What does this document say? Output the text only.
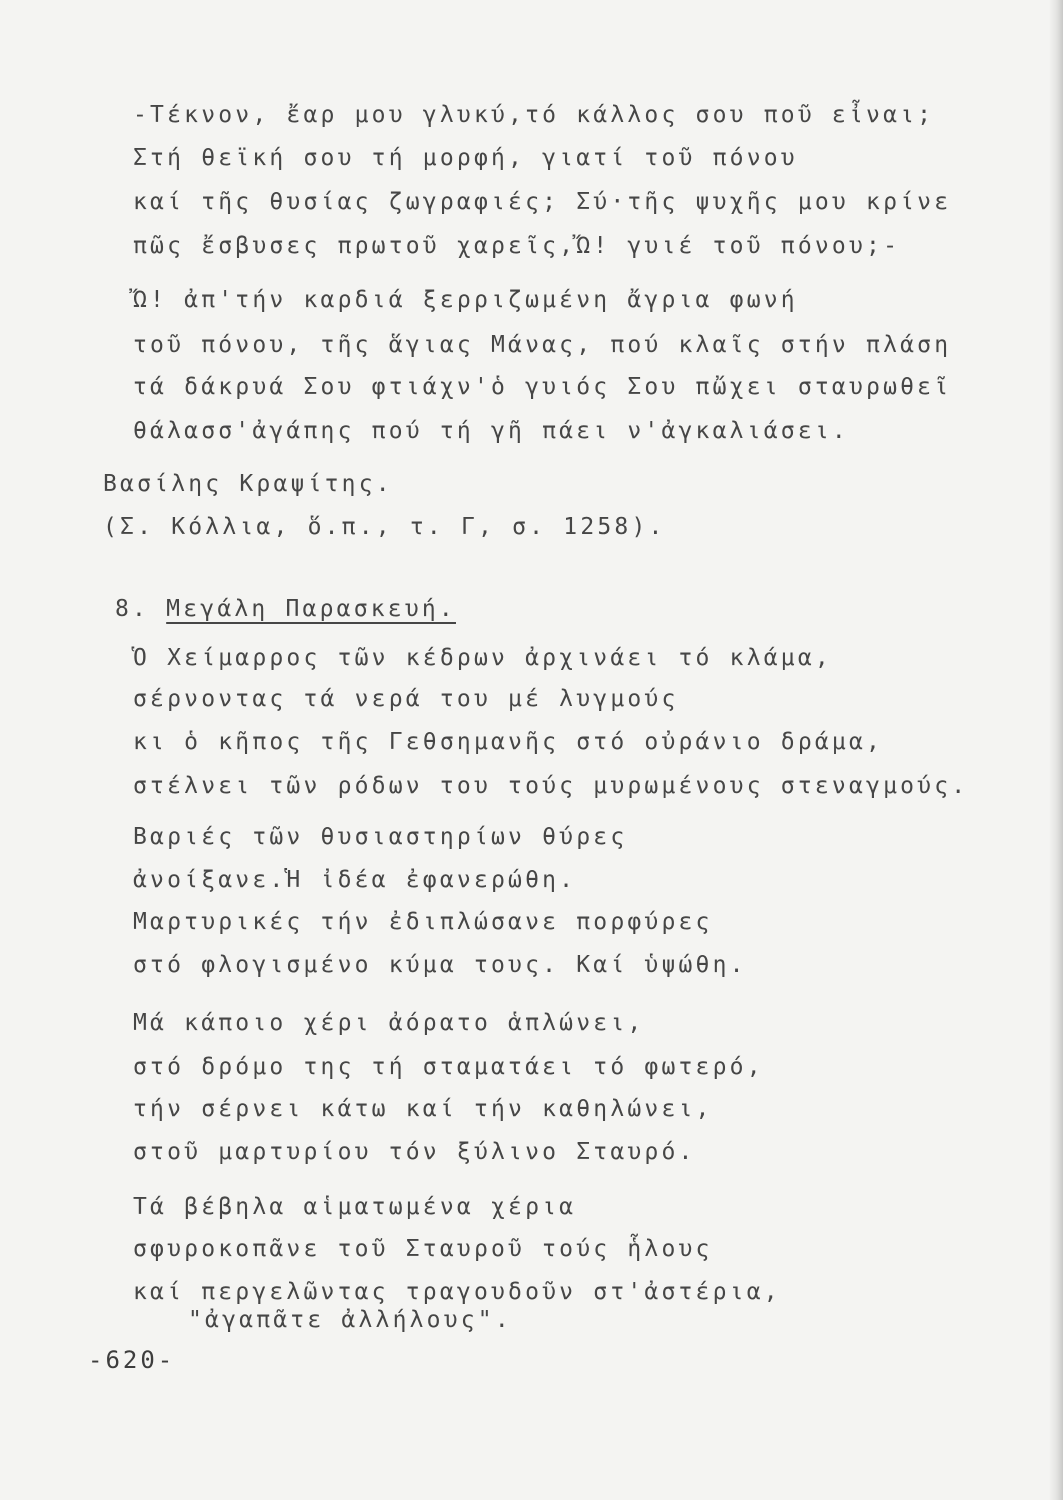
-Τέκνον, ἔαρ μου γλυκύ,τό κάλλος σου ποῦ εἶναι;
Στή θεϊκή σου τή μορφή, γιατί τοῦ πόνου
καί τῆς θυσίας ζωγραφιές; Σύ·τῆς ψυχῆς μου κρίνε
πῶς ἔσβυσες πρωτοῦ χαρεῖς,Ὤ! γυιέ τοῦ πόνου;-
Ὤ! ἀπ'τήν καρδιά ξερριζωμένη ἄγρια φωνή
τοῦ πόνου, τῆς ἅγιας Μάνας, πού κλαῖς στήν πλάση
τά δάκρυά Σου φτιάχν'ὁ γυιός Σου πὤχει σταυρωθεῖ
θάλασσ'ἀγάπης πού τή γῆ πάει ν'ἀγκαλιάσει.
Βασίλης Κραψίτης.
(Σ. Κόλλια, ὅ.π., τ. Γ, σ. 1258).
8. Μεγάλη Παρασκευή.
Ὁ Χείμαρρος τῶν κέδρων ἀρχινάει τό κλάμα,
σέρνοντας τά νερά του μέ λυγμούς
κι ὁ κῆπος τῆς Γεθσημανῆς στό οὐράνιο δράμα,
στέλνει τῶν ρόδων του τούς μυρωμένους στεναγμούς.
Βαριές τῶν θυσιαστηρίων θύρες
ἀνοίξανε.Ἡ ἰδέα ἐφανερώθη.
Μαρτυρικές τήν ἐδιπλώσανε πορφύρες
στό φλογισμένο κύμα τους. Καί ὑψώθη.
Μά κάποιο χέρι ἀόρατο ἁπλώνει,
στό δρόμο της τή σταματάει τό φωτερό,
τήν σέρνει κάτω καί τήν καθηλώνει,
στοῦ μαρτυρίου τόν ξύλινο Σταυρό.
Τά βέβηλα αἱματωμένα χέρια
σφυροκοπᾶνε τοῦ Σταυροῦ τούς ἧλους
καί περγελῶντας τραγουδοῦν στ'ἀστέρια,
"ἀγαπᾶτε ἀλλήλους".
-620-
